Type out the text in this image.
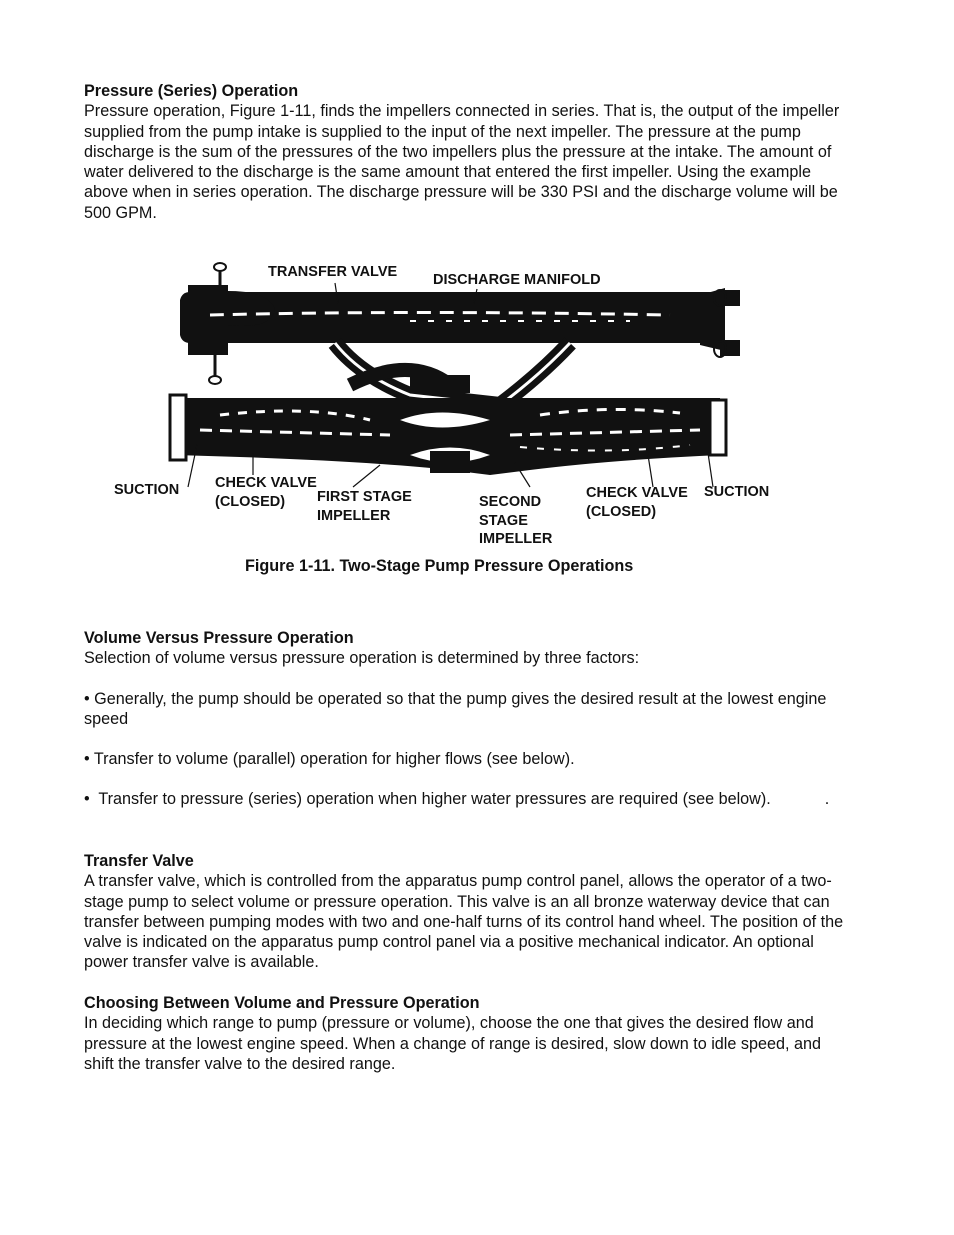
Pressure (Series) Operation
Pressure operation, Figure 1-11, finds the impellers connected in series. That is, the output of the impeller supplied from the pump intake is supplied to the input of the next impeller. The pressure at the pump discharge is the sum of the pressures of the two impellers plus the pressure at the intake. The amount of water delivered to the discharge is the same amount that entered the first impeller. Using the example above when in series operation. The discharge pressure will be 330 PSI and the discharge volume will be 500 GPM.
TRANSFER VALVE DISCHARGE MANIFOLD
SUCTION CHECK VALVE
(CLOSED)	FIRST STAGE
IMPELLER
SECOND
STAGE
IMPELLER
CHECK VALVE
(CLOSED)
SUCTION
Figure 1-11. Two-Stage Pump Pressure Operations
Volume Versus Pressure Operation
Selection of volume versus pressure operation is determined by three factors:
• Generally, the pump should be operated so that the pump gives the desired result at the lowest engine speed
• Transfer to volume (parallel) operation for higher flows (see below).
•  Transfer to pressure (series) operation when higher water pressures are required (see below).            .
Transfer Valve
A transfer valve, which is controlled from the apparatus pump control panel, allows the operator of a two-stage pump to select volume or pressure operation. This valve is an all bronze waterway device that can transfer between pumping modes with two and one-half turns of its control hand wheel. The position of the valve is indicated on the apparatus pump control panel via a positive mechanical indicator. An optional power transfer valve is available.
Choosing Between Volume and Pressure Operation
In deciding which range to pump (pressure or volume), choose the one that gives the desired flow and pressure at the lowest engine speed. When a change of range is desired, slow down to idle speed, and shift the transfer valve to the desired range.
